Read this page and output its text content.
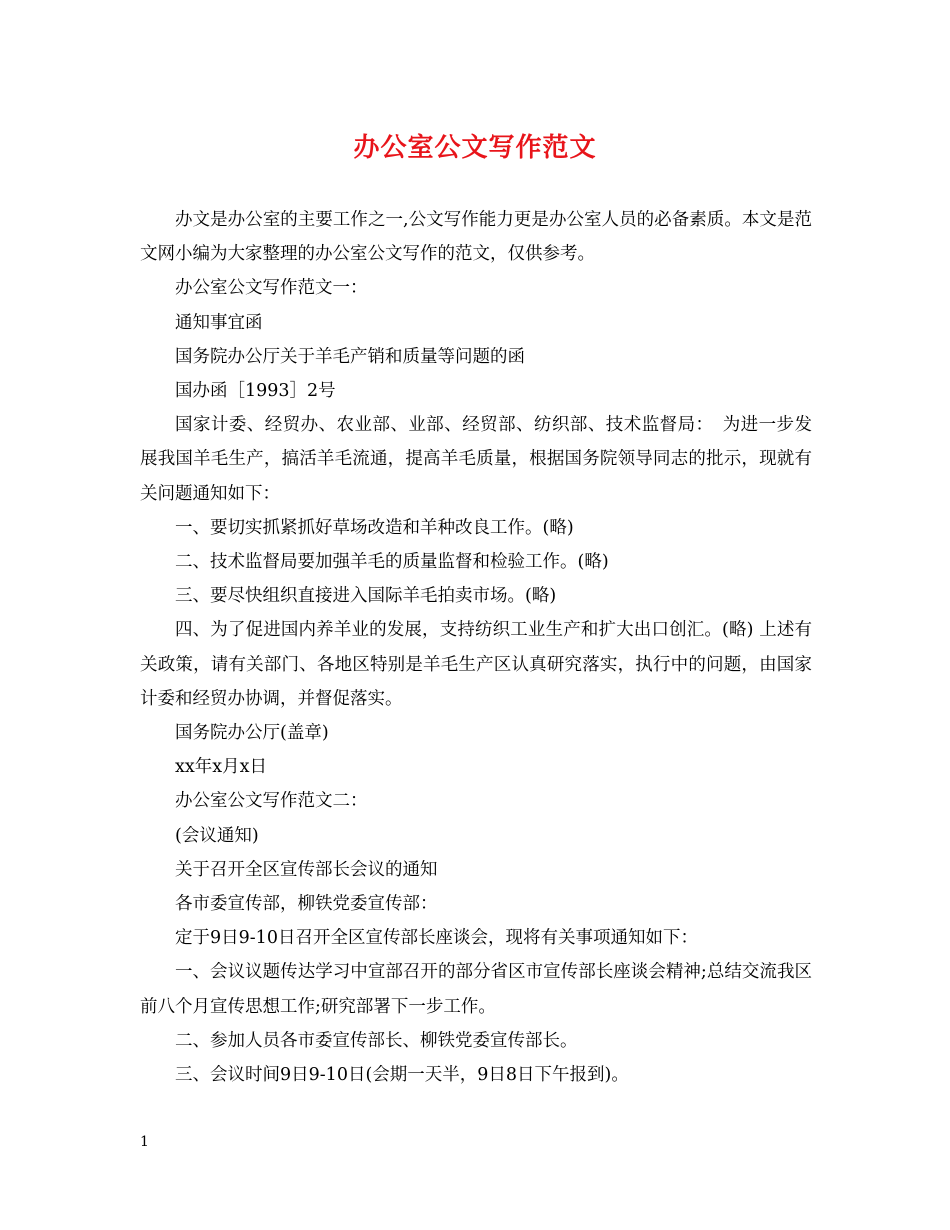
办公室公文写作范文

办文是办公室的主要工作之一,公文写作能力更是办公室人员的必备素质。本文是范文网小编为大家整理的办公室公文写作的范文，仅供参考。

办公室公文写作范文一：

通知事宜函

国务院办公厅关于羊毛产销和质量等问题的函

国办函［1993］2号

国家计委、经贸办、农业部、业部、经贸部、纺织部、技术监督局：　为进一步发展我国羊毛生产，搞活羊毛流通，提高羊毛质量，根据国务院领导同志的批示，现就有关问题通知如下：

一、要切实抓紧抓好草场改造和羊种改良工作。(略)

二、技术监督局要加强羊毛的质量监督和检验工作。(略)

三、要尽快组织直接进入国际羊毛拍卖市场。(略)

四、为了促进国内养羊业的发展，支持纺织工业生产和扩大出口创汇。(略) 上述有关政策，请有关部门、各地区特别是羊毛生产区认真研究落实，执行中的问题，由国家计委和经贸办协调，并督促落实。

国务院办公厅(盖章)

xx年x月x日

办公室公文写作范文二：

(会议通知)

关于召开全区宣传部长会议的通知

各市委宣传部，柳铁党委宣传部：

定于9日9-10日召开全区宣传部长座谈会，现将有关事项通知如下：

一、会议议题传达学习中宣部召开的部分省区市宣传部长座谈会精神;总结交流我区前八个月宣传思想工作;研究部署下一步工作。

二、参加人员各市委宣传部长、柳铁党委宣传部长。

三、会议时间9日9-10日(会期一天半，9日8日下午报到)。

1
